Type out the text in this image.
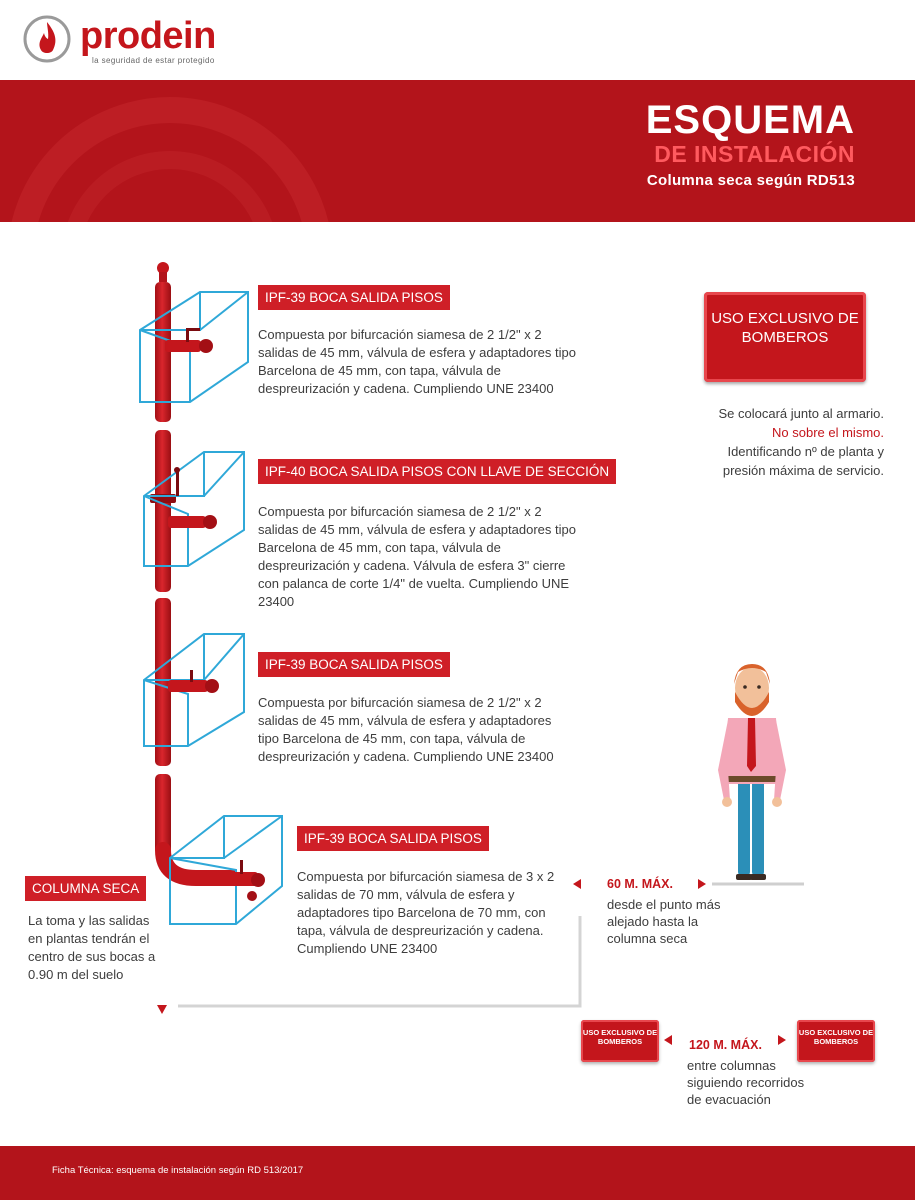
prodein
la seguridad de estar protegido
ESQUEMA
DE INSTALACIÓN
Columna seca según RD513
IPF-39 BOCA SALIDA PISOS
Compuesta por bifurcación siamesa de 2 1/2" x 2 salidas de 45 mm, válvula de esfera y adaptadores tipo Barcelona de 45 mm, con tapa, válvula de despreurización y cadena. Cumpliendo UNE 23400
IPF-40 BOCA SALIDA PISOS CON LLAVE DE SECCIÓN
Compuesta por bifurcación siamesa de 2 1/2" x 2 salidas de 45 mm, válvula de esfera y adaptadores tipo Barcelona de 45 mm, con tapa, válvula de despreurización y cadena. Válvula de esfera 3" cierre con palanca de corte 1/4" de vuelta. Cumpliendo UNE 23400
IPF-39 BOCA SALIDA PISOS
Compuesta por bifurcación siamesa de 2 1/2" x 2 salidas de 45 mm, válvula de esfera y adaptadores tipo Barcelona de 45 mm, con tapa, válvula de despreurización y cadena. Cumpliendo UNE 23400
IPF-39 BOCA SALIDA PISOS
Compuesta por bifurcación siamesa de 3 x 2 salidas de 70 mm, válvula de esfera y adaptadores tipo Barcelona de 70 mm, con tapa, válvula de despreurización y cadena. Cumpliendo UNE 23400
COLUMNA SECA
La toma y las salidas en plantas tendrán el centro de sus bocas a 0.90 m del suelo
USO EXCLUSIVO DE BOMBEROS
Se colocará junto al armario.
No sobre el mismo.
Identificando nº de planta y presión máxima de servicio.
60 M. MÁX.
desde el punto más alejado hasta la columna seca
USO EXCLUSIVO DE BOMBEROS
USO EXCLUSIVO DE BOMBEROS
120 M. MÁX.
entre columnas siguiendo recorridos de evacuación
Ficha Técnica: esquema de instalación según RD 513/2017
